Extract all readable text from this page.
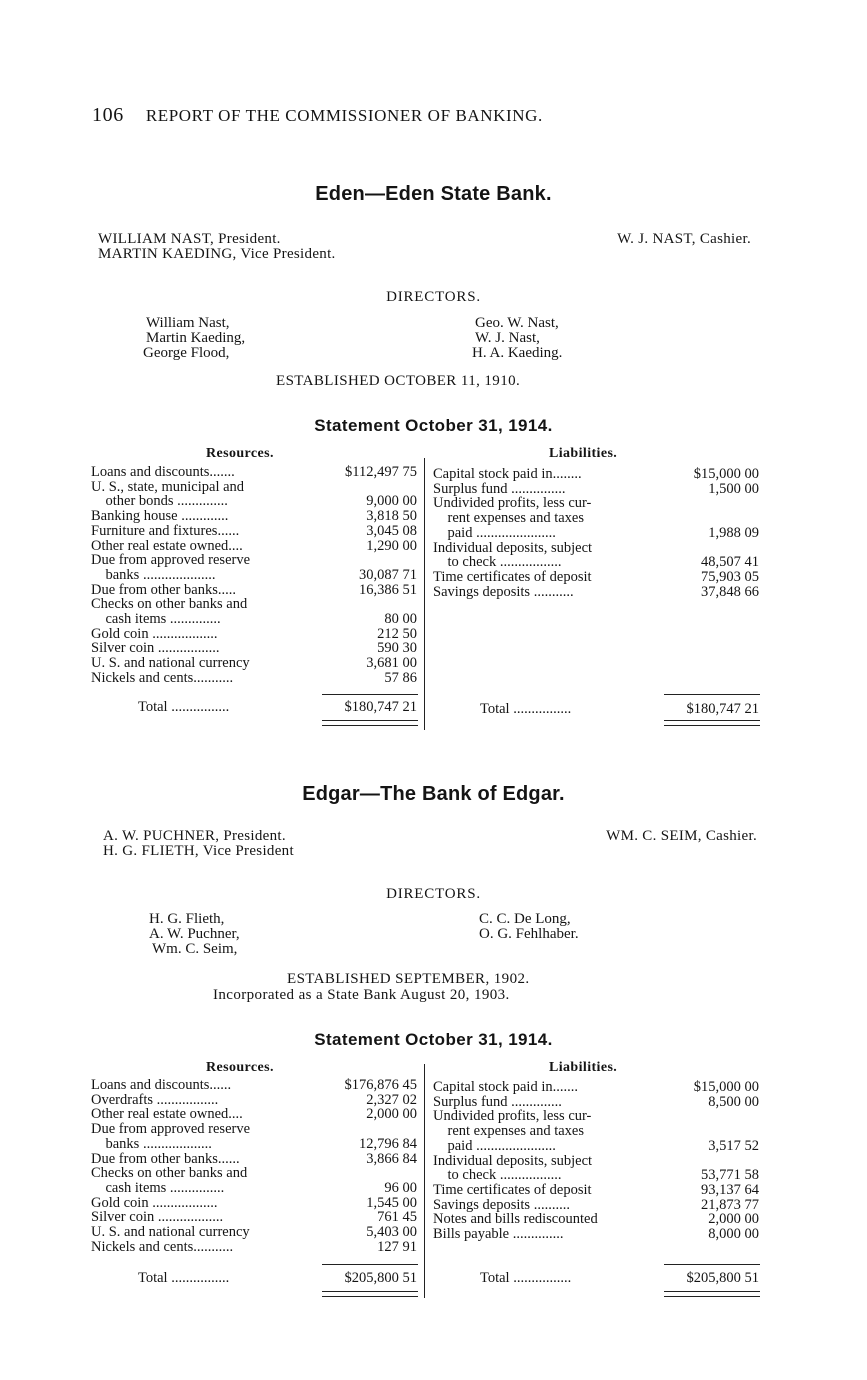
106 REPORT OF THE COMMISSIONER OF BANKING.
Eden—Eden State Bank.
WILLIAM NAST, President.
MARTIN KAEDING, Vice President.
W. J. NAST, Cashier.
DIRECTORS.
William Nast,
Martin Kaeding,
George Flood,
Geo. W. Nast,
W. J. Nast,
H. A. Kaeding.
ESTABLISHED OCTOBER 11, 1910.
Statement October 31, 1914.
Resources.	Liabilities.
Loans and discounts.......	$112,497 75
U. S., state, municipal and
other bonds ..............	9,000 00
Banking house .............	3,818 50
Furniture and fixtures......	3,045 08
Other real estate owned....	1,290 00
Due from approved reserve
banks ....................	30,087 71
Due from other banks.....	16,386 51
Checks on other banks and
cash items ..............	80 00
Gold coin ..................	212 50
Silver coin .................	590 30
U. S. and national currency	3,681 00
Nickels and cents...........	57 86
Capital stock paid in........	$15,000 00
Surplus fund ...............	1,500 00
Undivided profits, less cur-
rent expenses and taxes
paid ......................	1,988 09
Individual deposits, subject
to check .................	48,507 41
Time certificates of deposit	75,903 05
Savings deposits ...........	37,848 66
Total ................	$180,747 21	Total ................	$180,747 21
Edgar—The Bank of Edgar.
A. W. PUCHNER, President.
H. G. FLIETH, Vice President
WM. C. SEIM, Cashier.
DIRECTORS.
H. G. Flieth,
A. W. Puchner,
Wm. C. Seim,
C. C. De Long,
O. G. Fehlhaber.
ESTABLISHED SEPTEMBER, 1902.
Incorporated as a State Bank August 20, 1903.
Statement October 31, 1914.
Resources.	Liabilities.
Loans and discounts......	$176,876 45
Overdrafts .................	2,327 02
Other real estate owned....	2,000 00
Due from approved reserve
banks ...................	12,796 84
Due from other banks......	3,866 84
Checks on other banks and
cash items ...............	96 00
Gold coin ..................	1,545 00
Silver coin ..................	761 45
U. S. and national currency	5,403 00
Nickels and cents...........	127 91
Capital stock paid in.......	$15,000 00
Surplus fund ..............	8,500 00
Undivided profits, less cur-
rent expenses and taxes
paid ......................	3,517 52
Individual deposits, subject
to check .................	53,771 58
Time certificates of deposit	93,137 64
Savings deposits ..........	21,873 77
Notes and bills rediscounted	2,000 00
Bills payable ..............	8,000 00
Total ................	$205,800 51	Total ................	$205,800 51
